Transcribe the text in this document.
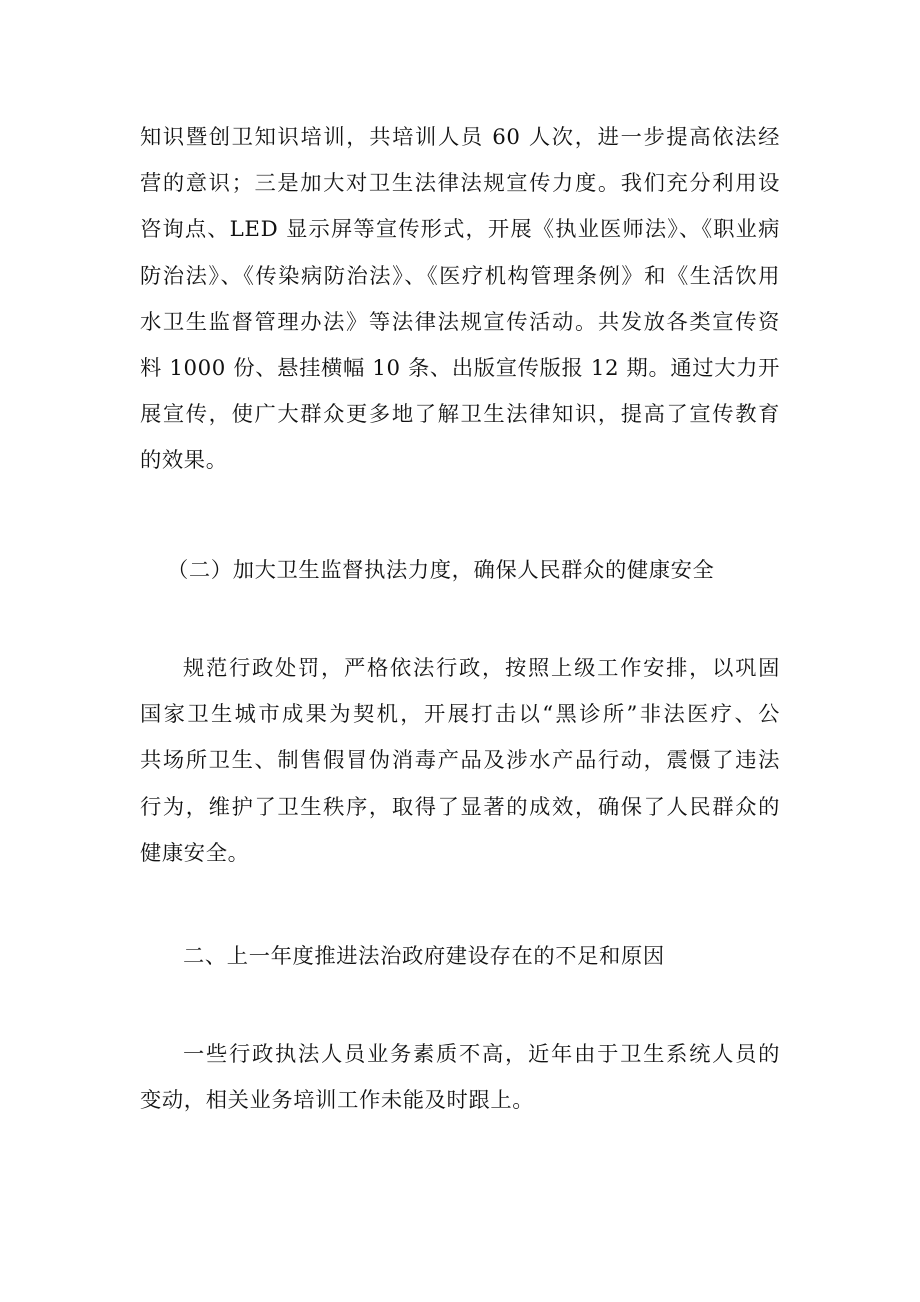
知识暨创卫知识培训，共培训人员 60 人次，进一步提高依法经
营的意识；三是加大对卫生法律法规宣传力度。我们充分利用设
咨询点、LED 显示屏等宣传形式，开展《执业医师法》、《职业病
防治法》、《传染病防治法》、《医疗机构管理条例》和《生活饮用
水卫生监督管理办法》等法律法规宣传活动。共发放各类宣传资
料 1000 份、悬挂横幅 10 条、出版宣传版报 12 期。通过大力开
展宣传，使广大群众更多地了解卫生法律知识，提高了宣传教育
的效果。
（二）加大卫生监督执法力度，确保人民群众的健康安全
规范行政处罚，严格依法行政，按照上级工作安排，以巩固
国家卫生城市成果为契机，开展打击以“黑诊所”非法医疗、公
共场所卫生、制售假冒伪消毒产品及涉水产品行动，震慑了违法
行为，维护了卫生秩序，取得了显著的成效，确保了人民群众的
健康安全。
二、上一年度推进法治政府建设存在的不足和原因
一些行政执法人员业务素质不高，近年由于卫生系统人员的
变动，相关业务培训工作未能及时跟上。
